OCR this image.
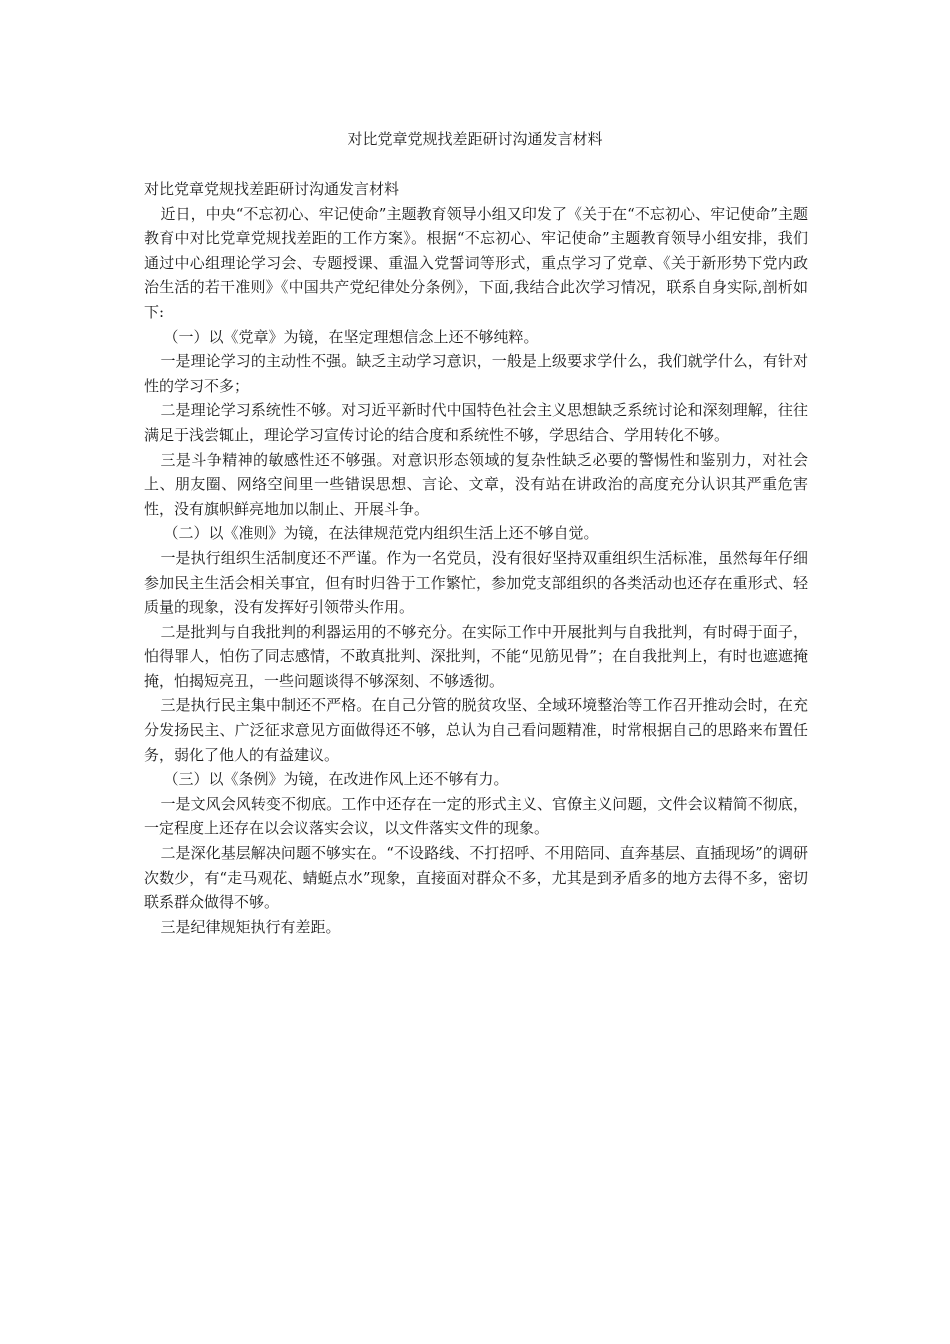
对比党章党规找差距研讨沟通发言材料

对比党章党规找差距研讨沟通发言材料

近日，中央“不忘初心、牢记使命”主题教育领导小组又印发了《关于在“不忘初心、牢记使命”主题教育中对比党章党规找差距的工作方案》。根据“不忘初心、牢记使命”主题教育领导小组安排，我们通过中心组理论学习会、专题授课、重温入党誓词等形式，重点学习了党章、《关于新形势下党内政治生活的若干准则》《中国共产党纪律处分条例》，下面,我结合此次学习情况，联系自身实际,剖析如下:

（一）以《党章》为镜，在坚定理想信念上还不够纯粹。

一是理论学习的主动性不强。缺乏主动学习意识，一般是上级要求学什么，我们就学什么，有针对性的学习不多；

二是理论学习系统性不够。对习近平新时代中国特色社会主义思想缺乏系统讨论和深刻理解，往往满足于浅尝辄止，理论学习宣传讨论的结合度和系统性不够，学思结合、学用转化不够。

三是斗争精神的敏感性还不够强。对意识形态领域的复杂性缺乏必要的警惕性和鉴别力，对社会上、朋友圈、网络空间里一些错误思想、言论、文章，没有站在讲政治的高度充分认识其严重危害性，没有旗帜鲜亮地加以制止、开展斗争。

（二）以《准则》为镜，在法律规范党内组织生活上还不够自觉。

一是执行组织生活制度还不严谨。作为一名党员，没有很好坚持双重组织生活标准，虽然每年仔细参加民主生活会相关事宜，但有时归咎于工作繁忙，参加党支部组织的各类活动也还存在重形式、轻质量的现象，没有发挥好引领带头作用。

二是批判与自我批判的利器运用的不够充分。在实际工作中开展批判与自我批判，有时碍于面子，怕得罪人，怕伤了同志感情，不敢真批判、深批判，不能“见筋见骨”；在自我批判上，有时也遮遮掩掩，怕揭短亮丑，一些问题谈得不够深刻、不够透彻。

三是执行民主集中制还不严格。在自己分管的脱贫攻坚、全域环境整治等工作召开推动会时，在充分发扬民主、广泛征求意见方面做得还不够，总认为自己看问题精准，时常根据自己的思路来布置任务，弱化了他人的有益建议。

（三）以《条例》为镜，在改进作风上还不够有力。

一是文风会风转变不彻底。工作中还存在一定的形式主义、官僚主义问题，文件会议精简不彻底，一定程度上还存在以会议落实会议，以文件落实文件的现象。

二是深化基层解决问题不够实在。“不设路线、不打招呼、不用陪同、直奔基层、直插现场”的调研次数少，有“走马观花、蜻蜓点水”现象，直接面对群众不多，尤其是到矛盾多的地方去得不多，密切联系群众做得不够。

三是纪律规矩执行有差距。
